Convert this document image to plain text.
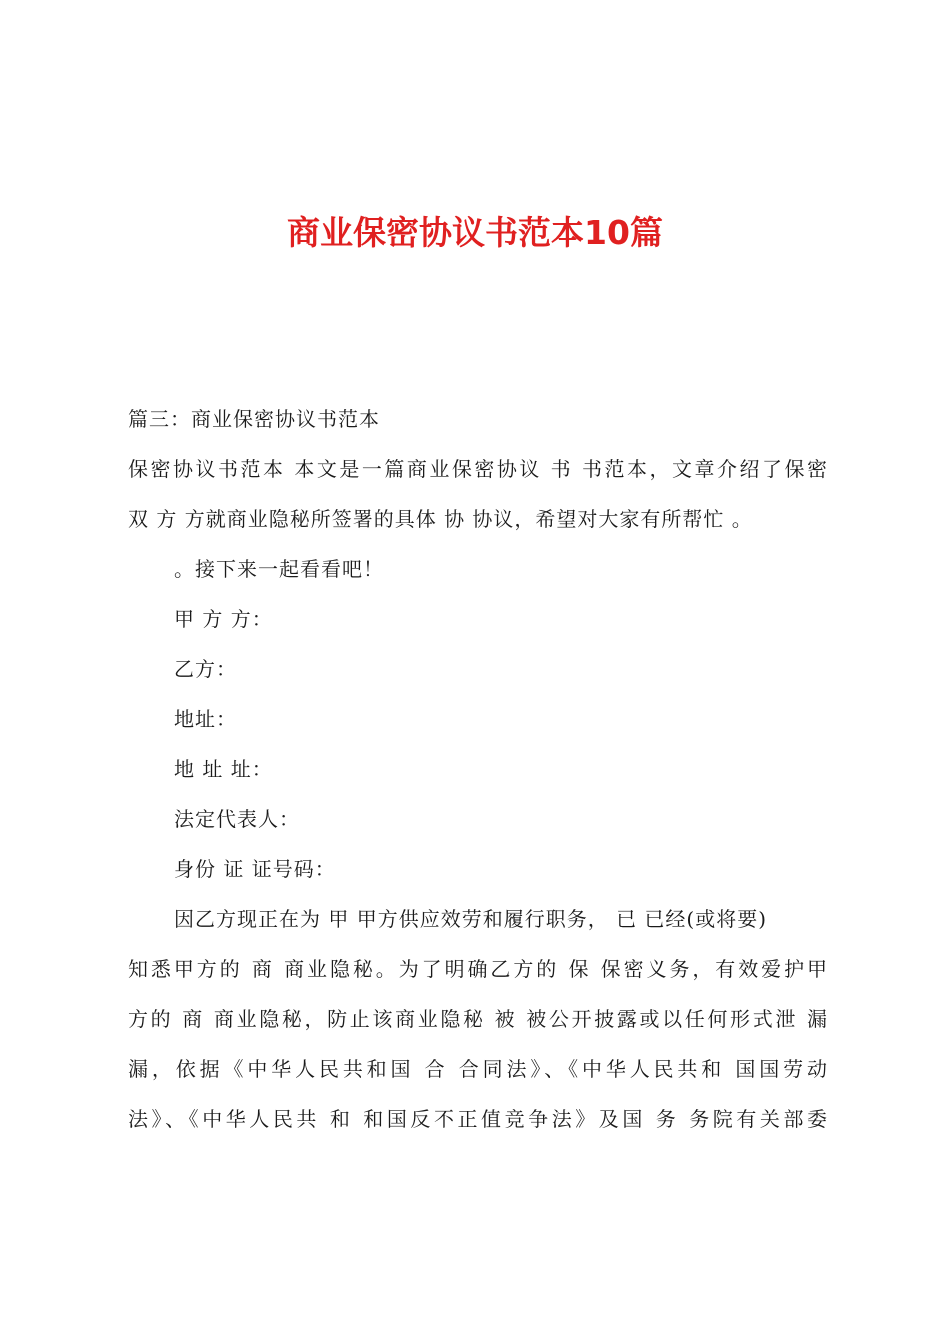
商业保密协议书范本10篇

篇三：商业保密协议书范本

保密协议书范本 本文是一篇商业保密协议 书 书范本，文章介绍了保密

双 方 方就商业隐秘所签署的具体 协 协议，希望对大家有所帮忙 。

。接下来一起看看吧！

甲 方 方：

乙方：

地址：

地 址 址：

法定代表人：

身份 证 证号码：

因乙方现正在为 甲 甲方供应效劳和履行职务， 已 已经(或将要)

知悉甲方的 商 商业隐秘。为了明确乙方的 保 保密义务，有效爱护甲

方的 商 商业隐秘，防止该商业隐秘 被 被公开披露或以任何形式泄 漏

漏，依据《中华人民共和国 合 合同法》、《中华人民共和 国国劳动

法》、《中华人民共 和 和国反不正值竞争法》及国 务 务院有关部委
